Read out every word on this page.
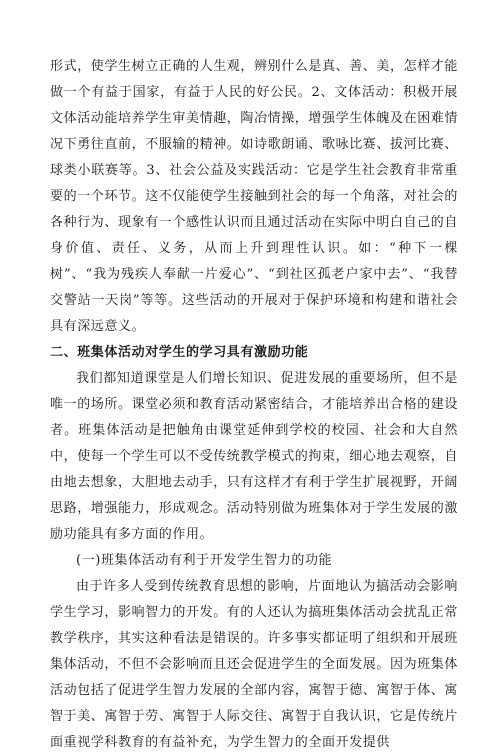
形式，使学生树立正确的人生观，辨别什么是真、善、美，怎样才能做一个有益于国家，有益于人民的好公民。2、文体活动：积极开展文体活动能培养学生审美情趣，陶冶情操，增强学生体魄及在困难情况下勇往直前，不服输的精神。如诗歌朗诵、歌咏比赛、拔河比赛、球类小联赛等。3、社会公益及实践活动：它是学生社会教育非常重要的一个环节。这不仅能使学生接触到社会的每一个角落，对社会的各种行为、现象有一个感性认识而且通过活动在实际中明白自己的自身价值、责任、义务，从而上升到理性认识。如：“种下一棵树”、“我为残疾人奉献一片爱心”、“到社区孤老户家中去”、“我替交警站一天岗”等等。这些活动的开展对于保护环境和构建和谐社会具有深远意义。

二、班集体活动对学生的学习具有激励功能

我们都知道课堂是人们增长知识、促进发展的重要场所，但不是唯一的场所。课堂必须和教育活动紧密结合，才能培养出合格的建设者。班集体活动是把触角由课堂延伸到学校的校园、社会和大自然中，使每一个学生可以不受传统教学模式的拘束，细心地去观察，自由地去想象，大胆地去动手，只有这样才有利于学生扩展视野，开阔思路，增强能力，形成观念。活动特别做为班集体对于学生发展的激励功能具有多方面的作用。

(一)班集体活动有利于开发学生智力的功能

由于许多人受到传统教育思想的影响，片面地认为搞活动会影响学生学习，影响智力的开发。有的人还认为搞班集体活动会扰乱正常教学秩序，其实这种看法是错误的。许多事实都证明了组织和开展班集体活动，不但不会影响而且还会促进学生的全面发展。因为班集体活动包括了促进学生智力发展的全部内容，寓智于德、寓智于体、寓智于美、寓智于劳、寓智于人际交往、寓智于自我认识，它是传统片面重视学科教育的有益补充，为学生智力的全面开发提供
